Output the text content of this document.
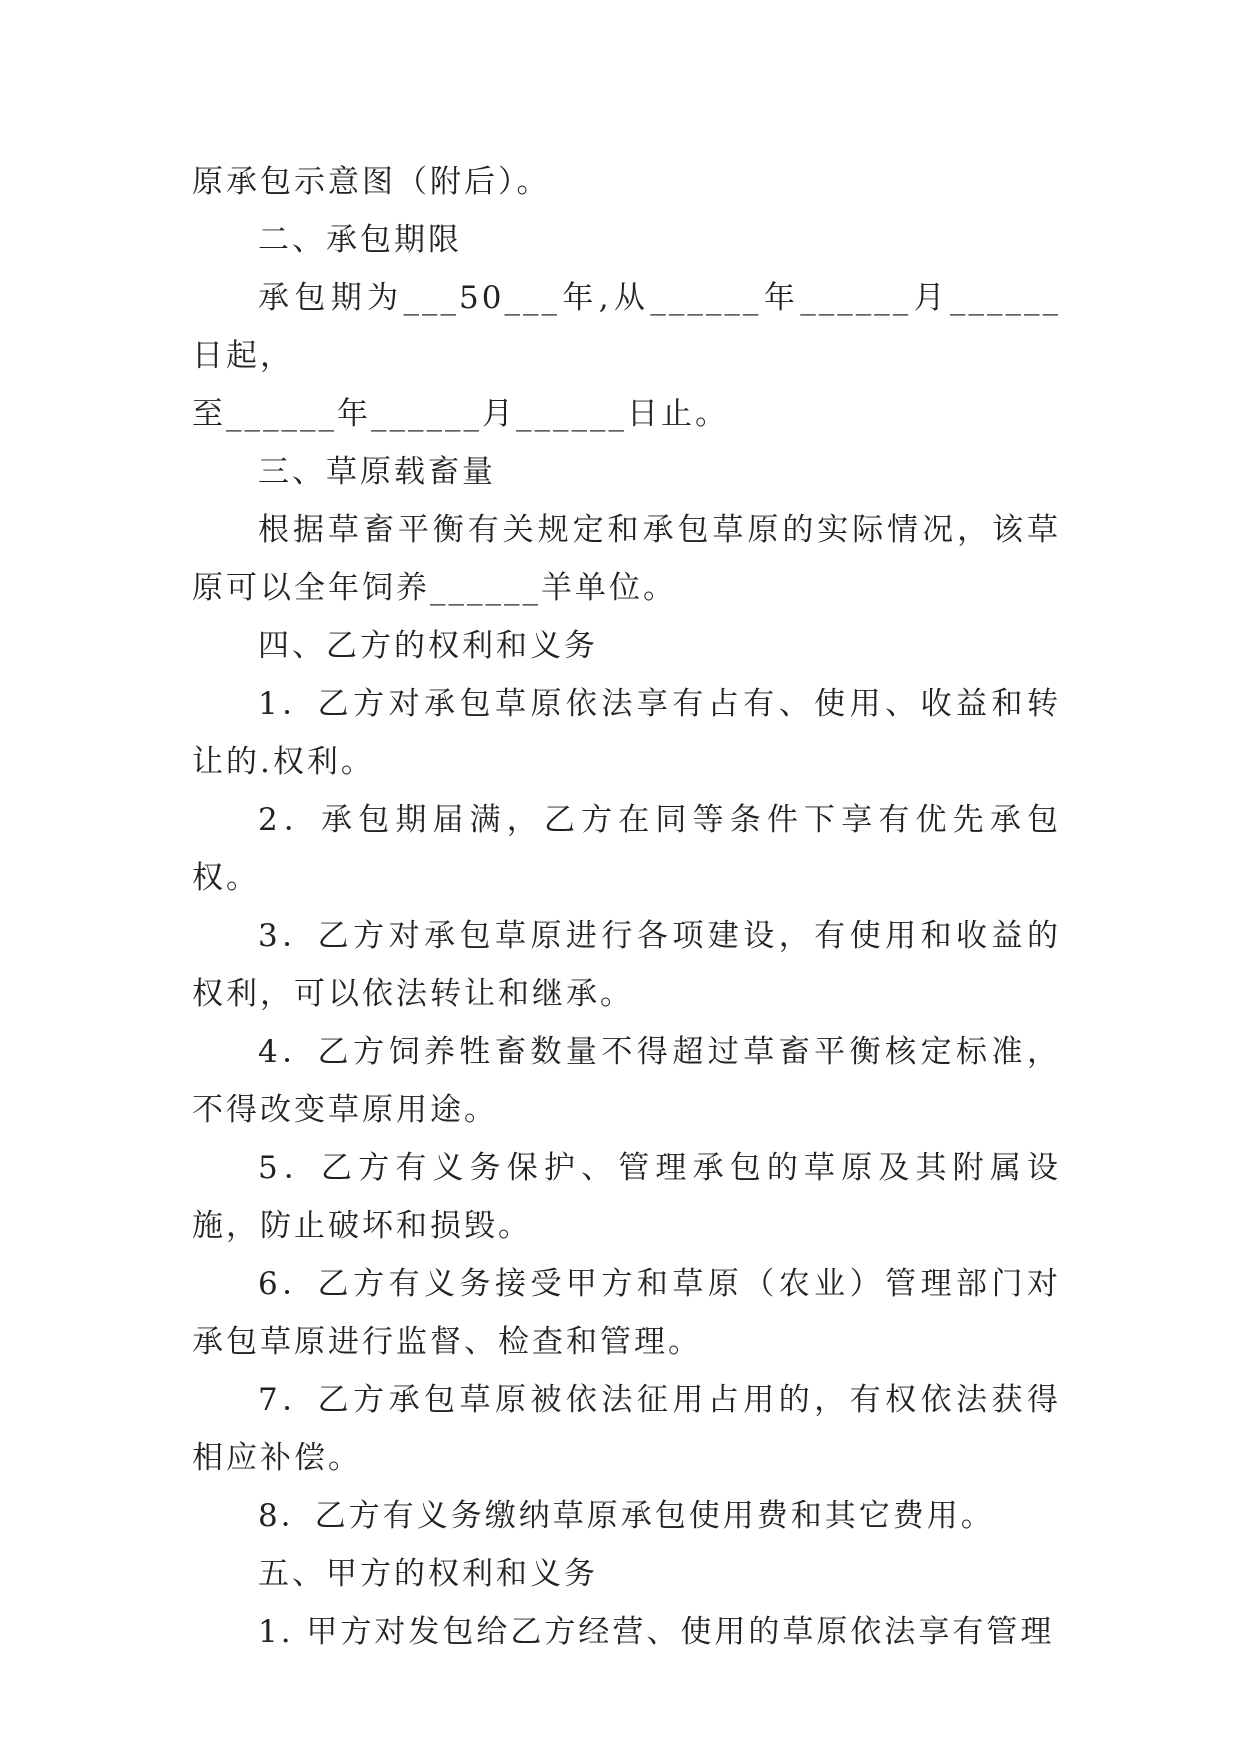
原承包示意图（附后）。

二、承包期限

承包期为___50___年,从______年______月______日起，

至______年______月______日止。

三、草原载畜量

根据草畜平衡有关规定和承包草原的实际情况，该草原可以全年饲养______羊单位。

四、乙方的权利和义务

1．乙方对承包草原依法享有占有、使用、收益和转让的.权利。

2．承包期届满，乙方在同等条件下享有优先承包权。

3．乙方对承包草原进行各项建设，有使用和收益的权利，可以依法转让和继承。

4．乙方饲养牲畜数量不得超过草畜平衡核定标准，不得改变草原用途。

5．乙方有义务保护、管理承包的草原及其附属设施，防止破坏和损毁。

6．乙方有义务接受甲方和草原（农业）管理部门对承包草原进行监督、检查和管理。

7．乙方承包草原被依法征用占用的，有权依法获得相应补偿。

8．乙方有义务缴纳草原承包使用费和其它费用。

五、甲方的权利和义务

1. 甲方对发包给乙方经营、使用的草原依法享有管理
